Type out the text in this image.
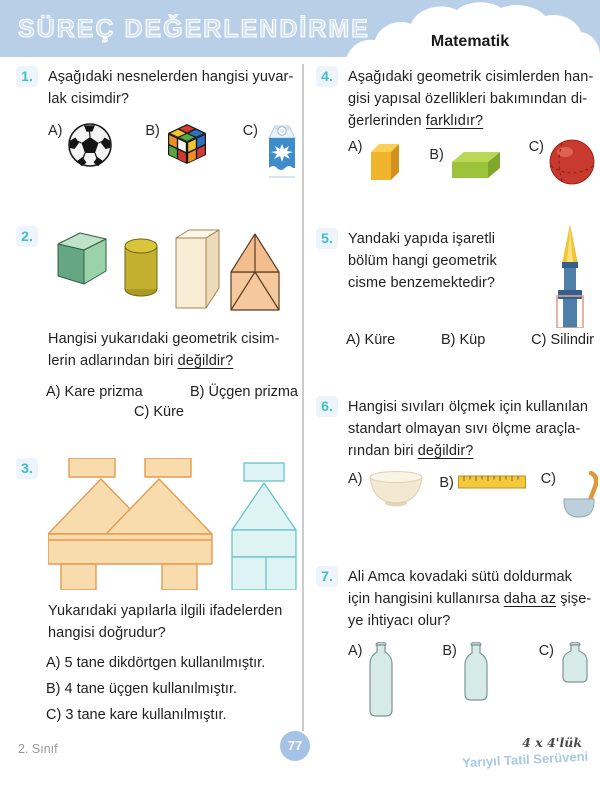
SÜREÇ DEĞERLENDİRME	Matematik
1.	Aşağıdaki nesnelerden hangisi yuvar-lak cisimdir?
A)	B)	C)
2.
Hangisi yukarıdaki geometrik cisim-lerin adlarından biri değildir?
A) Kare prizma	B) Üçgen prizma
C) Küre
3.
Yukarıdaki yapılarla ilgili ifadelerden hangisi doğrudur?
A) 5 tane dikdörtgen kullanılmıştır.
B) 4 tane üçgen kullanılmıştır.
C) 3 tane kare kullanılmıştır.
4.	Aşağıdaki geometrik cisimlerden han-gisi yapısal özellikleri bakımından di-ğerlerinden farklıdır?
A)	B)	C)
5.	Yandaki yapıda işaretli bölüm hangi geometrik cisme benzemektedir?
A) Küre	B) Küp	C) Silindir
6.	Hangisi sıvıları ölçmek için kullanılan standart olmayan sıvı ölçme araçla-rından biri değildir?
A)	B)	C)
7.	Ali Amca kovadaki sütü doldurmak için hangisini kullanırsa daha az şişe-ye ihtiyacı olur?
A)	B)	C)
2. Sınıf	77	4 x 4'lük
Yarıyıl Tatil Serüveni
